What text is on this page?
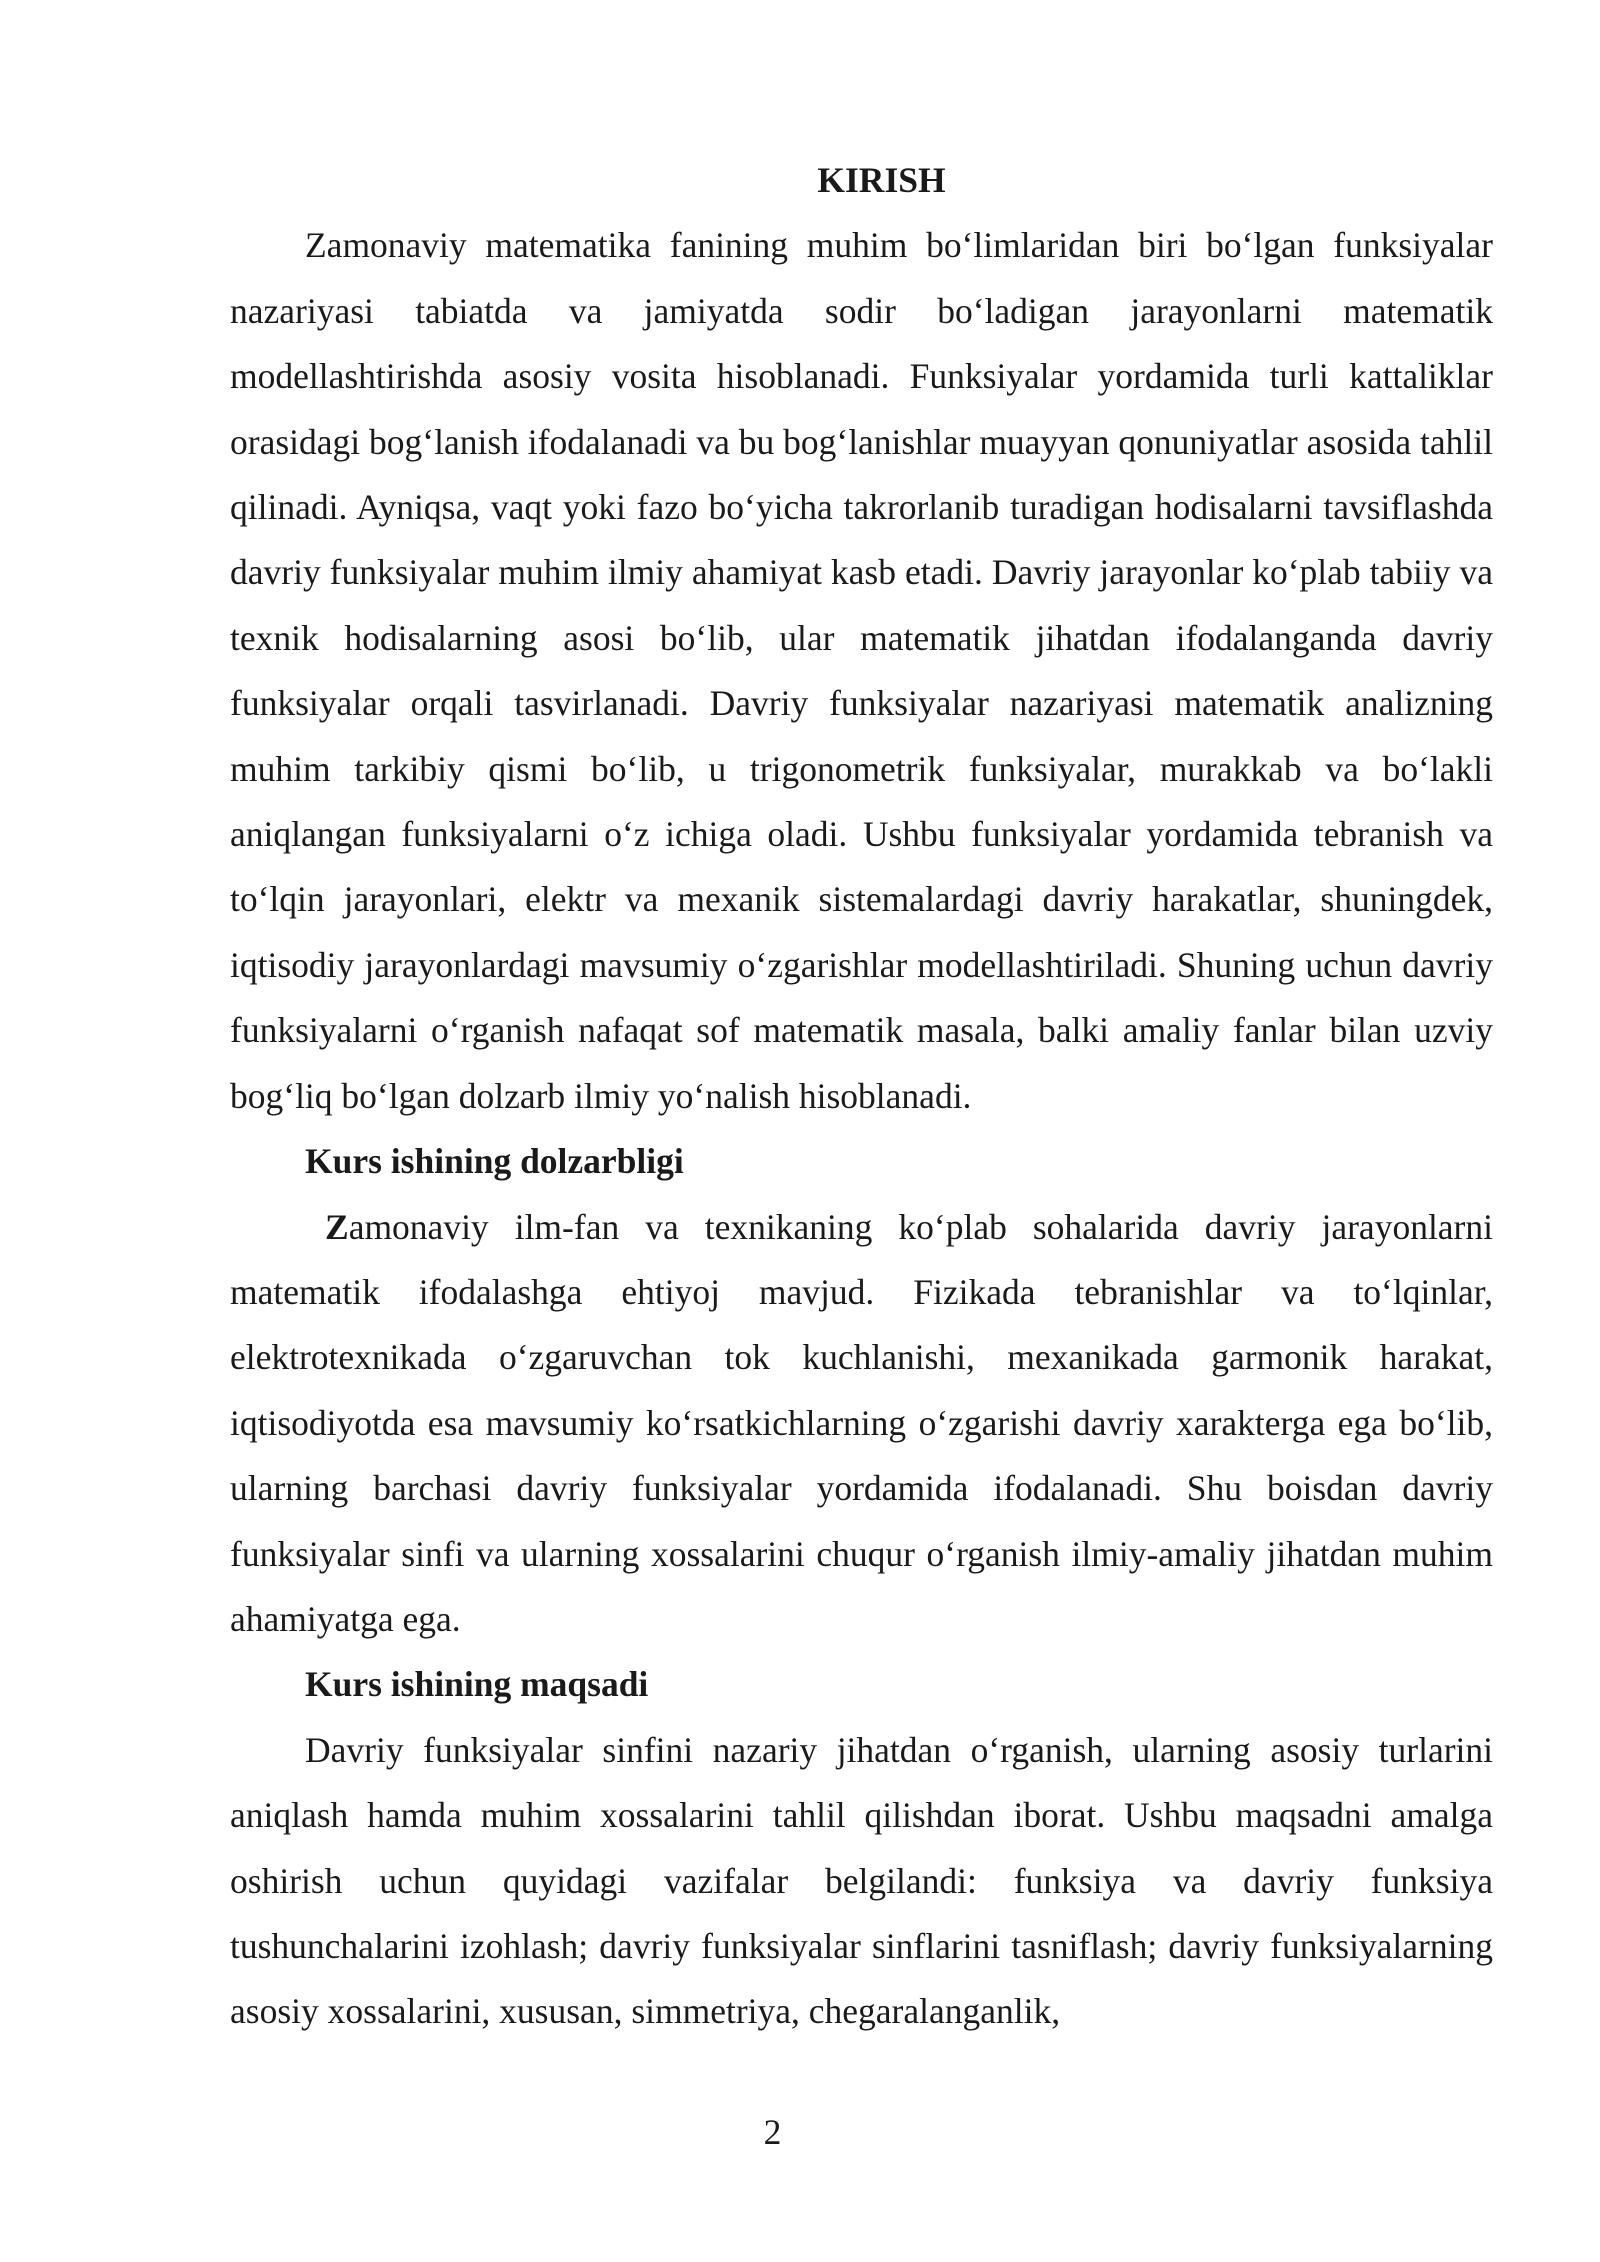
KIRISH

Zamonaviy matematika fanining muhim bo‘limlaridan biri bo‘lgan funksiyalar nazariyasi tabiatda va jamiyatda sodir bo‘ladigan jarayonlarni matematik modellashtirishda asosiy vosita hisoblanadi. Funksiyalar yordamida turli kattaliklar orasidagi bog‘lanish ifodalanadi va bu bog‘lanishlar muayyan qonuniyatlar asosida tahlil qilinadi. Ayniqsa, vaqt yoki fazo bo‘yicha takrorlanib turadigan hodisalarni tavsiflashda davriy funksiyalar muhim ilmiy ahamiyat kasb etadi. Davriy jarayonlar ko‘plab tabiiy va texnik hodisalarning asosi bo‘lib, ular matematik jihatdan ifodalanganda davriy funksiyalar orqali tasvirlanadi. Davriy funksiyalar nazariyasi matematik analizning muhim tarkibiy qismi bo‘lib, u trigonometrik funksiyalar, murakkab va bo‘lakli aniqlangan funksiyalarni o‘z ichiga oladi. Ushbu funksiyalar yordamida tebranish va to‘lqin jarayonlari, elektr va mexanik sistemalardagi davriy harakatlar, shuningdek, iqtisodiy jarayonlardagi mavsumiy o‘zgarishlar modellashtiriladi. Shuning uchun davriy funksiyalarni o‘rganish nafaqat sof matematik masala, balki amaliy fanlar bilan uzviy bog‘liq bo‘lgan dolzarb ilmiy yo‘nalish hisoblanadi.

Kurs ishining dolzarbligi

Zamonaviy ilm-fan va texnikaning ko‘plab sohalarida davriy jarayonlarni matematik ifodalashga ehtiyoj mavjud. Fizikada tebranishlar va to‘lqinlar, elektrotexnikada o‘zgaruvchan tok kuchlanishi, mexanikada garmonik harakat, iqtisodiyotda esa mavsumiy ko‘rsatkichlarning o‘zgarishi davriy xarakterga ega bo‘lib, ularning barchasi davriy funksiyalar yordamida ifodalanadi. Shu boisdan davriy funksiyalar sinfi va ularning xossalarini chuqur o‘rganish ilmiy-amaliy jihatdan muhim ahamiyatga ega.

Kurs ishining maqsadi

Davriy funksiyalar sinfini nazariy jihatdan o‘rganish, ularning asosiy turlarini aniqlash hamda muhim xossalarini tahlil qilishdan iborat. Ushbu maqsadni amalga oshirish uchun quyidagi vazifalar belgilandi: funksiya va davriy funksiya tushunchalarini izohlash; davriy funksiyalar sinflarini tasniflash; davriy funksiyalarning asosiy xossalarini, xususan, simmetriya, chegaralanganlik,

2
